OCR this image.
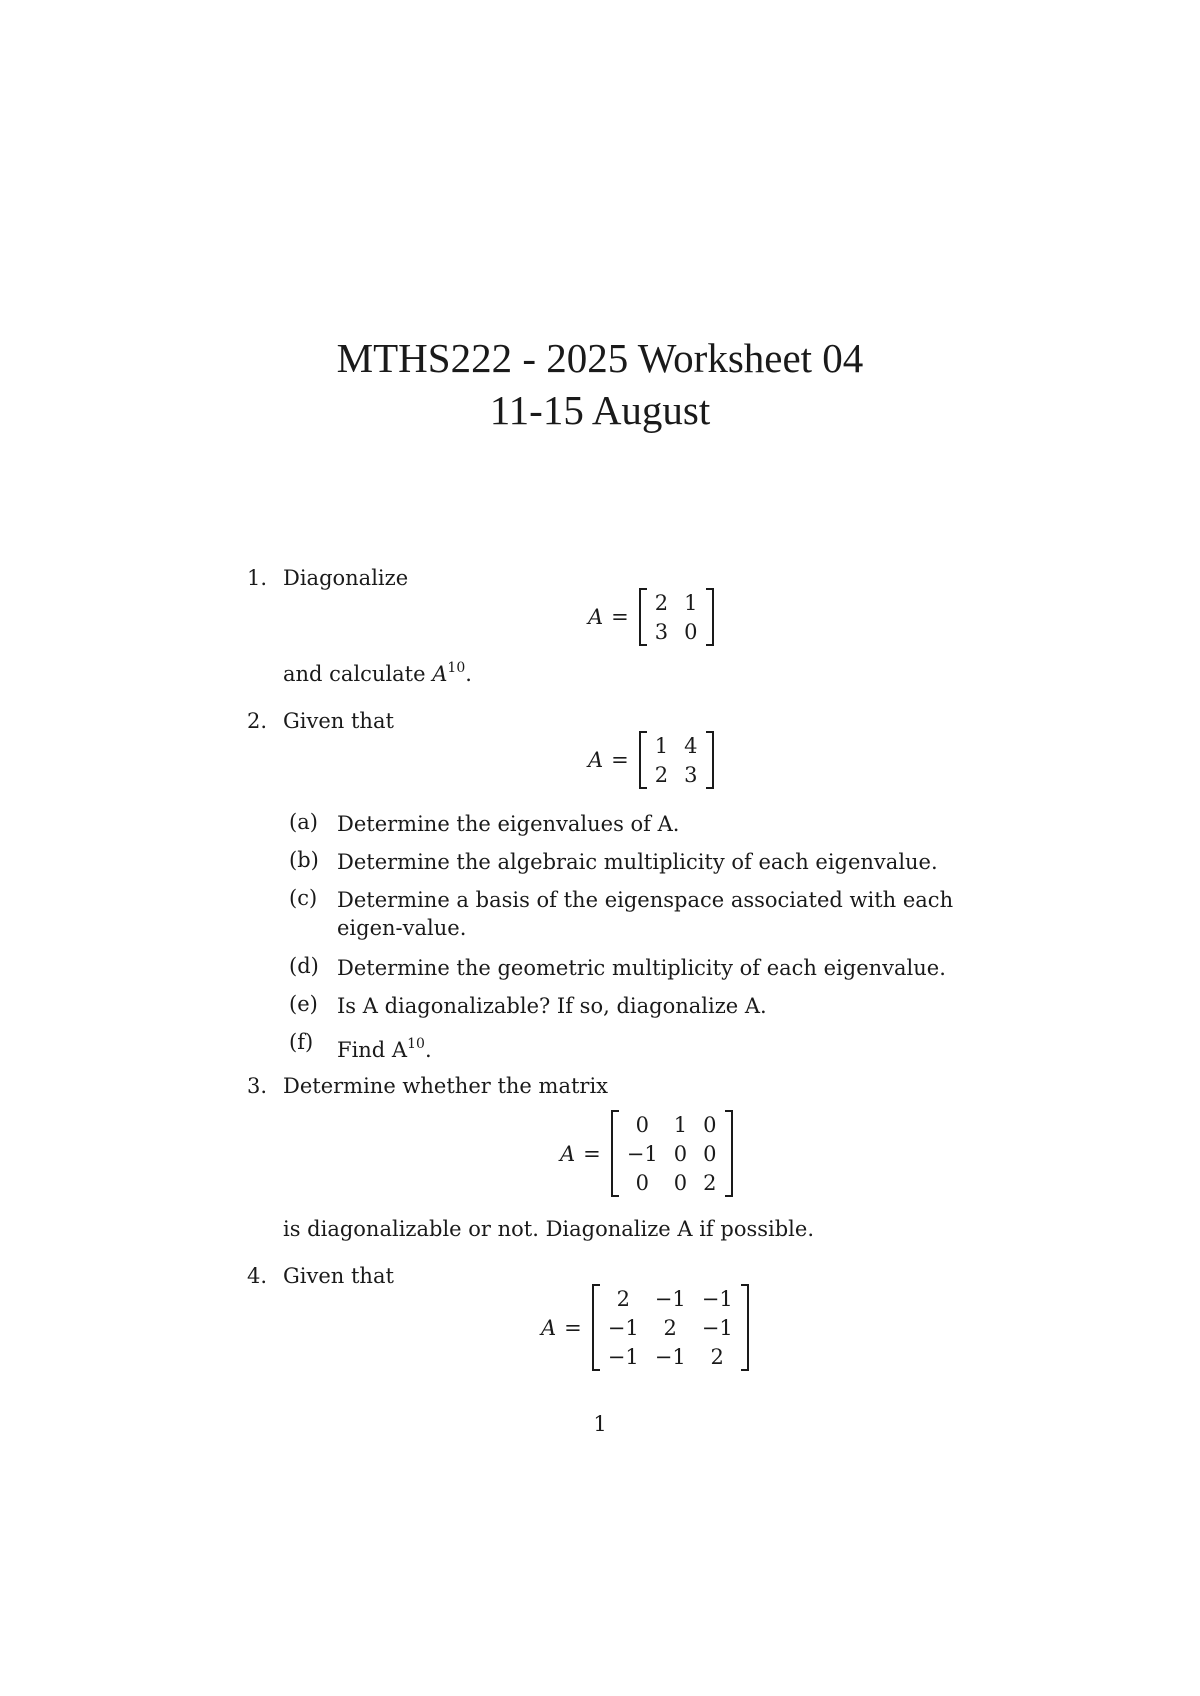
MTHS222 - 2025 Worksheet 04
11-15 August
1. Diagonalize
A =
2	1
3	0
and calculate $A^{10}$.
2. Given that
A =
1	4
2	3
(a) Determine the eigenvalues of A.
(b) Determine the algebraic multiplicity of each eigenvalue.
(c) Determine a basis of the eigenspace associated with each eigen-value.
(d) Determine the geometric multiplicity of each eigenvalue.
(e) Is A diagonalizable? If so, diagonalize A.
(f)	Find $A^{10}$.
3. Determine whether the matrix
A =
0	1	0
−1	0	0
0	0	2
is diagonalizable or not. Diagonalize A if possible.
4. Given that
A =
2	−1	−1
−1	2	−1
−1	−1	2
1
